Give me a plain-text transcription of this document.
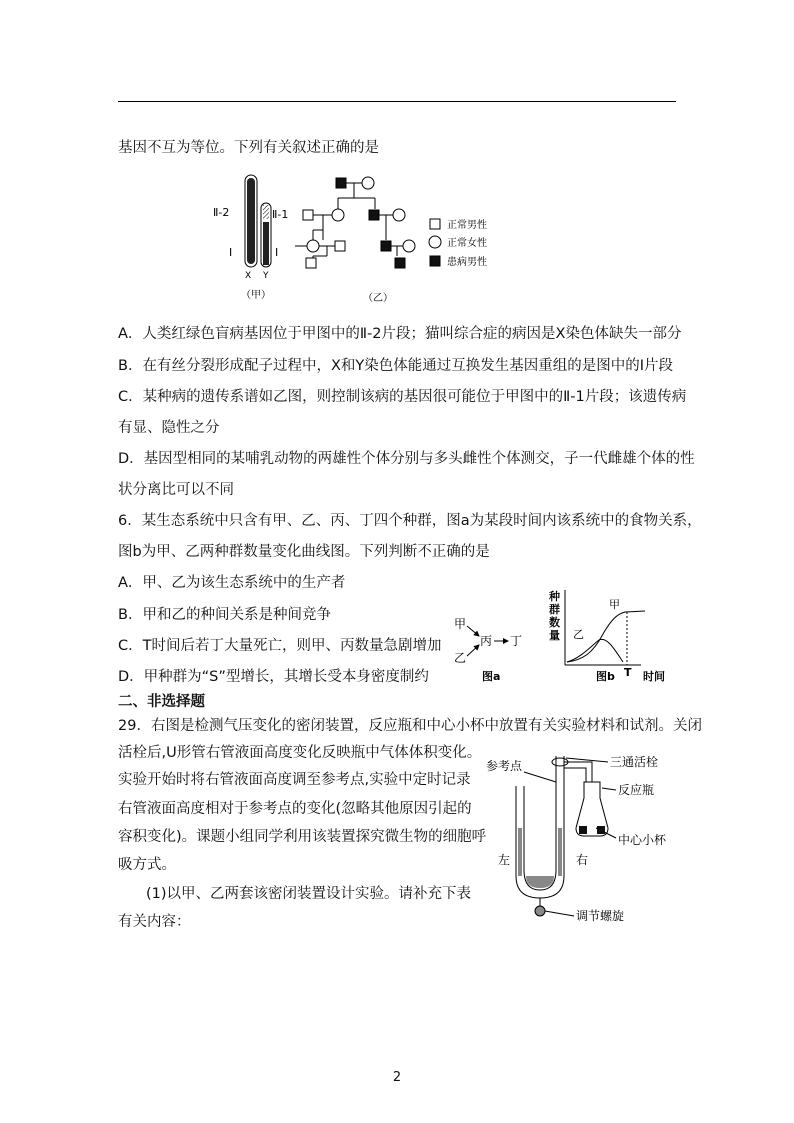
基因不互为等位。下列有关叙述正确的是
Ⅱ-2	Ⅱ-1
Ⅰ	Ⅰ
X Y
（甲）
正常男性
正常女性
患病男性
（乙）
A．人类红绿色盲病基因位于甲图中的Ⅱ-2片段；猫叫综合症的病因是X染色体缺失一部分
B．在有丝分裂形成配子过程中，X和Y染色体能通过互换发生基因重组的是图中的Ⅰ片段
C．某种病的遗传系谱如乙图，则控制该病的基因很可能位于甲图中的Ⅱ-1片段；该遗传病
有显、隐性之分
D．基因型相同的某哺乳动物的两雄性个体分别与多头雌性个体测交，子一代雌雄个体的性
状分离比可以不同
6．某生态系统中只含有甲、乙、丙、丁四个种群，图a为某段时间内该系统中的食物关系，
图b为甲、乙两种群数量变化曲线图。下列判断不正确的是
A．甲、乙为该生态系统中的生产者
B．甲和乙的种间关系是种间竞争
C．T时间后若丁大量死亡，则甲、丙数量急剧增加
D．甲种群为“S”型增长，其增长受本身密度制约
甲
乙
丙 丁
图a
种
群
数
量
甲
乙
T 时间
图b
二、非选择题
29．右图是检测气压变化的密闭装置，反应瓶和中心小杯中放置有关实验材料和试剂。关闭
活栓后,U形管右管液面高度变化反映瓶中气体体积变化。
实验开始时将右管液面高度调至参考点,实验中定时记录
右管液面高度相对于参考点的变化(忽略其他原因引起的
容积变化)。课题小组同学利用该装置探究微生物的细胞呼
吸方式。
(1)以甲、乙两套该密闭装置设计实验。请补充下表
有关内容：
参考点	三通活栓
反应瓶
中心小杯
左	右
调节螺旋
2
